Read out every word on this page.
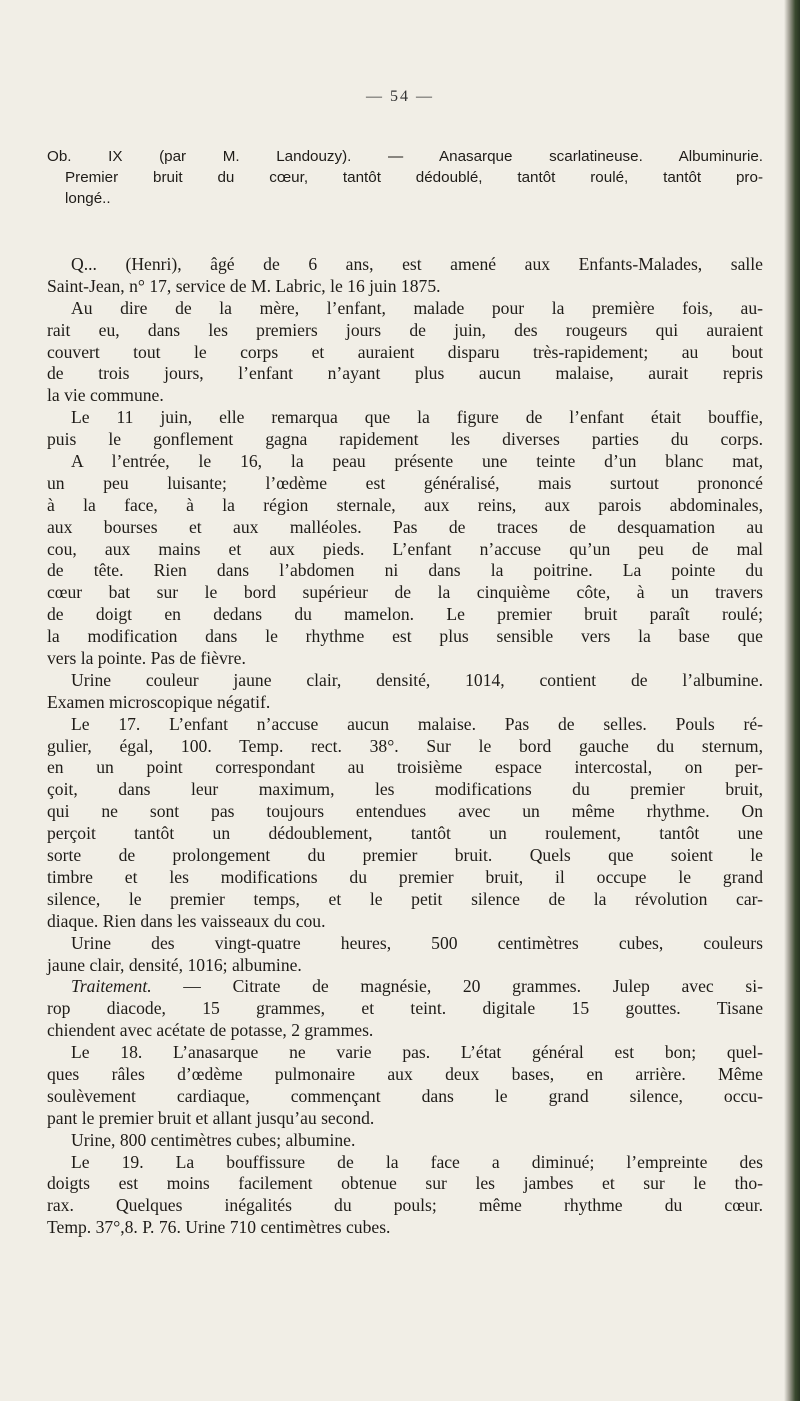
— 54 —
Ob. IX (par M. Landouzy). — Anasarque scarlatineuse. Albuminurie.
Premier bruit du cœur, tantôt dédoublé, tantôt roulé, tantôt pro-
longé..
Q... (Henri), âgé de 6 ans, est amené aux Enfants-Malades, salle
Saint-Jean, n° 17, service de M. Labric, le 16 juin 1875.
Au dire de la mère, l’enfant, malade pour la première fois, au-
rait eu, dans les premiers jours de juin, des rougeurs qui auraient
couvert tout le corps et auraient disparu très-rapidement; au bout
de trois jours, l’enfant n’ayant plus aucun malaise, aurait repris
la vie commune.
Le 11 juin, elle remarqua que la figure de l’enfant était bouffie,
puis le gonflement gagna rapidement les diverses parties du corps.
A l’entrée, le 16, la peau présente une teinte d’un blanc mat,
un peu luisante; l’œdème est généralisé, mais surtout prononcé
à la face, à la région sternale, aux reins, aux parois abdominales,
aux bourses et aux malléoles. Pas de traces de desquamation au
cou, aux mains et aux pieds. L’enfant n’accuse qu’un peu de mal
de tête. Rien dans l’abdomen ni dans la poitrine. La pointe du
cœur bat sur le bord supérieur de la cinquième côte, à un travers
de doigt en dedans du mamelon. Le premier bruit paraît roulé;
la modification dans le rhythme est plus sensible vers la base que
vers la pointe. Pas de fièvre.
Urine couleur jaune clair, densité, 1014, contient de l’albumine.
Examen microscopique négatif.
Le 17. L’enfant n’accuse aucun malaise. Pas de selles. Pouls ré-
gulier, égal, 100. Temp. rect. 38°. Sur le bord gauche du sternum,
en un point correspondant au troisième espace intercostal, on per-
çoit, dans leur maximum, les modifications du premier bruit,
qui ne sont pas toujours entendues avec un même rhythme. On
perçoit tantôt un dédoublement, tantôt un roulement, tantôt une
sorte de prolongement du premier bruit. Quels que soient le
timbre et les modifications du premier bruit, il occupe le grand
silence, le premier temps, et le petit silence de la révolution car-
diaque. Rien dans les vaisseaux du cou.
Urine des vingt-quatre heures, 500 centimètres cubes, couleurs
jaune clair, densité, 1016; albumine.
Traitement. — Citrate de magnésie, 20 grammes. Julep avec si-
rop diacode, 15 grammes, et teint. digitale 15 gouttes. Tisane
chiendent avec acétate de potasse, 2 grammes.
Le 18. L’anasarque ne varie pas. L’état général est bon; quel-
ques râles d’œdème pulmonaire aux deux bases, en arrière. Même
soulèvement cardiaque, commençant dans le grand silence, occu-
pant le premier bruit et allant jusqu’au second.
Urine, 800 centimètres cubes; albumine.
Le 19. La bouffissure de la face a diminué; l’empreinte des
doigts est moins facilement obtenue sur les jambes et sur le tho-
rax. Quelques inégalités du pouls; même rhythme du cœur.
Temp. 37°,8. P. 76. Urine 710 centimètres cubes.
